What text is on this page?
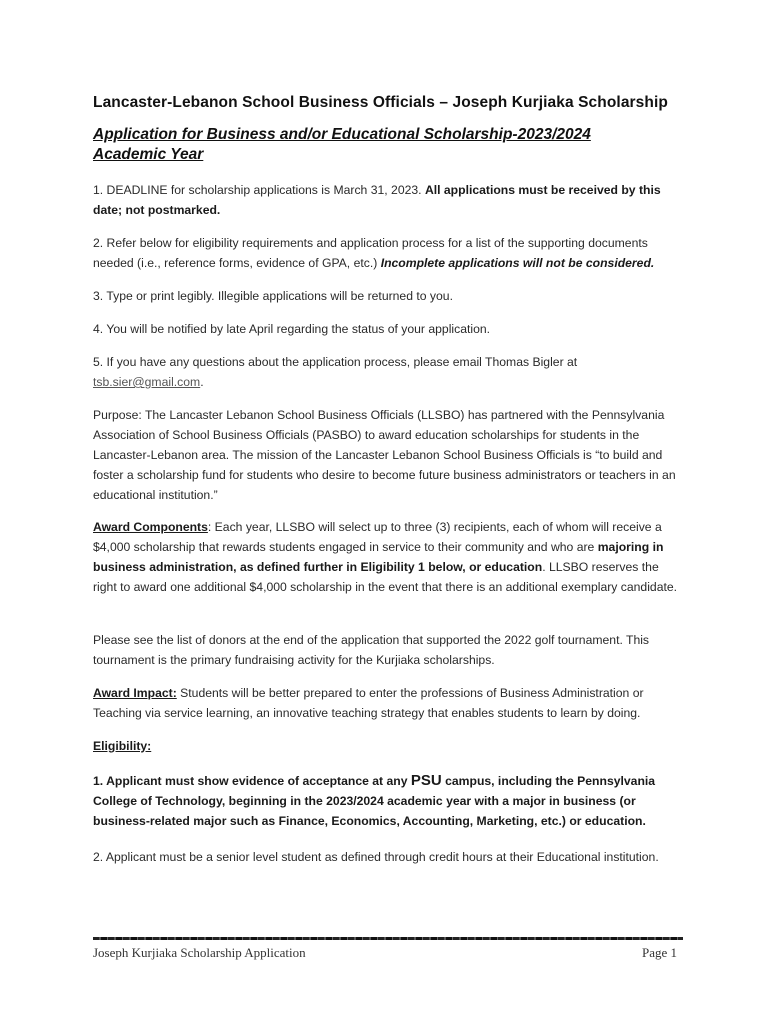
Lancaster-Lebanon School Business Officials – Joseph Kurjiaka Scholarship
Application for Business and/or Educational Scholarship-2023/2024 Academic Year
1. DEADLINE for scholarship applications is March 31, 2023. All applications must be received by this date; not postmarked.
2. Refer below for eligibility requirements and application process for a list of the supporting documents needed (i.e., reference forms, evidence of GPA, etc.) Incomplete applications will not be considered.
3. Type or print legibly. Illegible applications will be returned to you.
4. You will be notified by late April regarding the status of your application.
5. If you have any questions about the application process, please email Thomas Bigler at
tsb.sier@gmail.com.
Purpose: The Lancaster Lebanon School Business Officials (LLSBO) has partnered with the Pennsylvania Association of School Business Officials (PASBO) to award education scholarships for students in the Lancaster-Lebanon area. The mission of the Lancaster Lebanon School Business Officials is “to build and foster a scholarship fund for students who desire to become future business administrators or teachers in an educational institution.”
Award Components: Each year, LLSBO will select up to three (3) recipients, each of whom will receive a $4,000 scholarship that rewards students engaged in service to their community and who are majoring in business administration, as defined further in Eligibility 1 below, or education. LLSBO reserves the right to award one additional $4,000 scholarship in the event that there is an additional exemplary candidate.
Please see the list of donors at the end of the application that supported the 2022 golf tournament. This tournament is the primary fundraising activity for the Kurjiaka scholarships.
Award Impact: Students will be better prepared to enter the professions of Business Administration or Teaching via service learning, an innovative teaching strategy that enables students to learn by doing.
Eligibility:
1. Applicant must show evidence of acceptance at any PSU campus, including the Pennsylvania College of Technology, beginning in the 2023/2024 academic year with a major in business (or business-related major such as Finance, Economics, Accounting, Marketing, etc.) or education.
2. Applicant must be a senior level student as defined through credit hours at their Educational institution.
Joseph Kurjiaka Scholarship Application	Page 1
